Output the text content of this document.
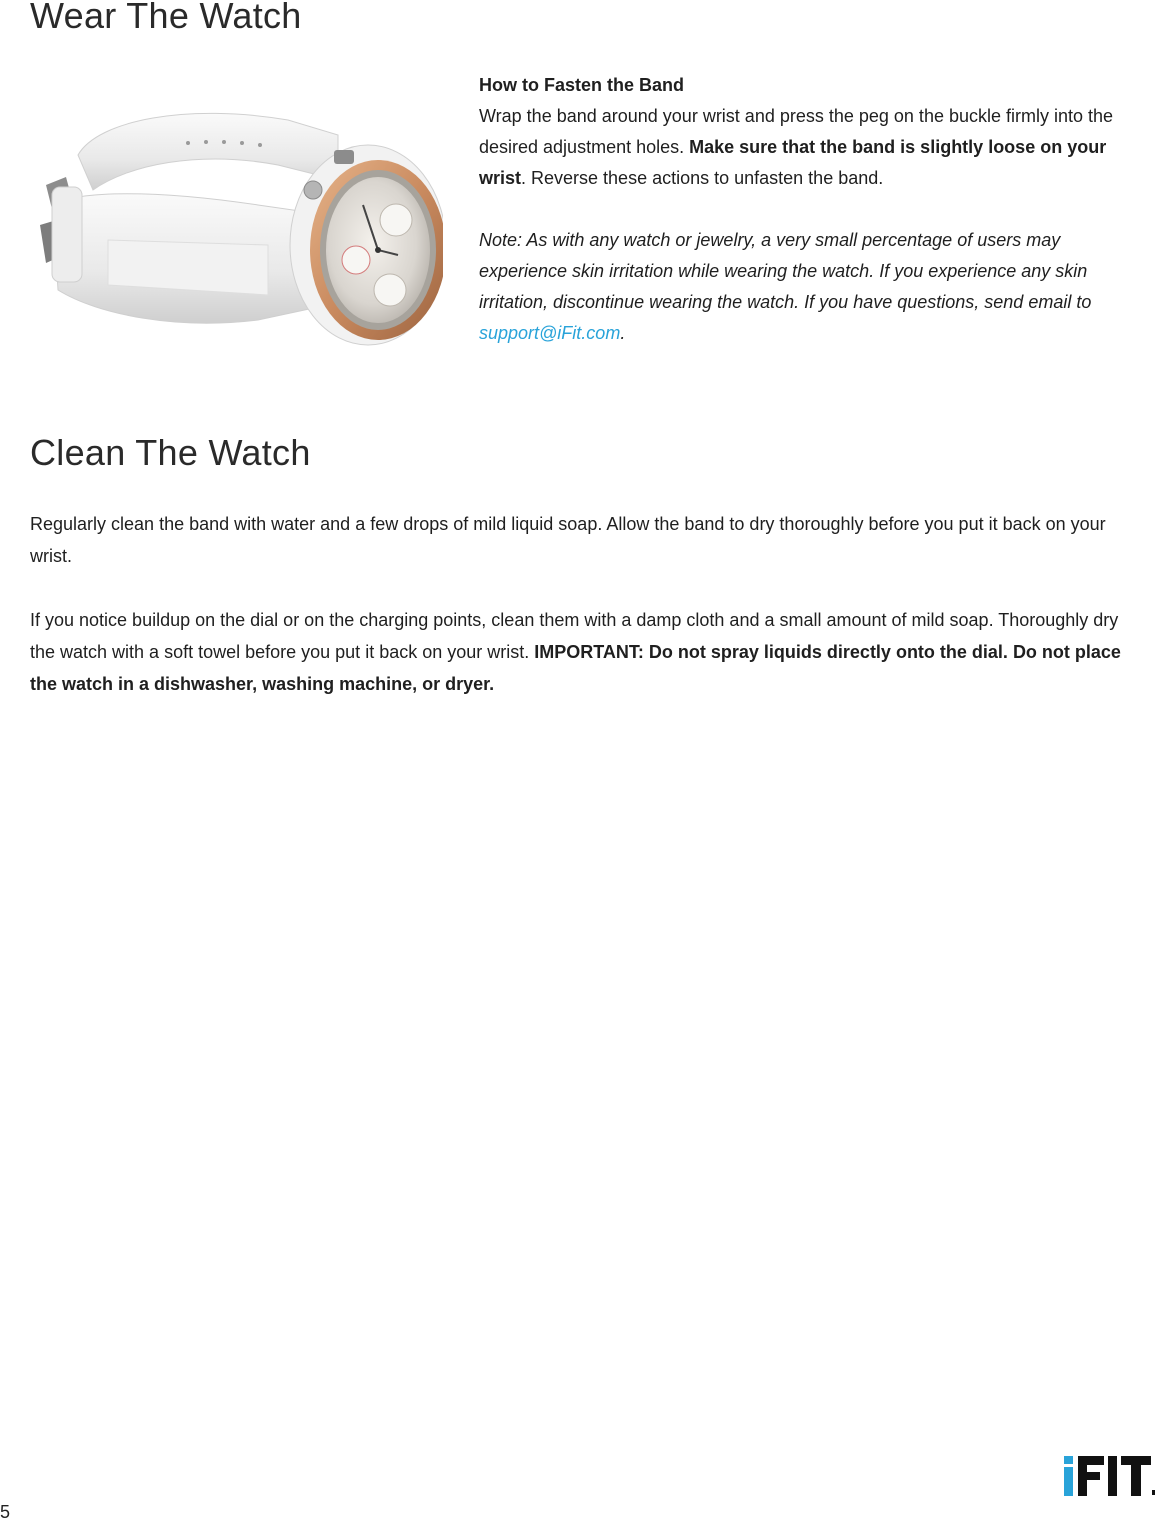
Wear The Watch

How to Fasten the Band

Wrap the band around your wrist and press the peg on the buckle firmly into the desired adjustment holes. Make sure that the band is slightly loose on your wrist. Reverse these actions to unfasten the band.

Note: As with any watch or jewelry, a very small percentage of users may experience skin irritation while wearing the watch. If you experience any skin irritation, discontinue wearing the watch. If you have questions, send email to support@iFit.com.

Clean The Watch

Regularly clean the band with water and a few drops of mild liquid soap. Allow the band to dry thoroughly before you put it back on your wrist.

If you notice buildup on the dial or on the charging points, clean them with a damp cloth and a small amount of mild soap. Thoroughly dry the watch with a soft towel before you put it back on your wrist. IMPORTANT: Do not spray liquids directly onto the dial. Do not place the watch in a dishwasher, washing machine, or dryer.

5
